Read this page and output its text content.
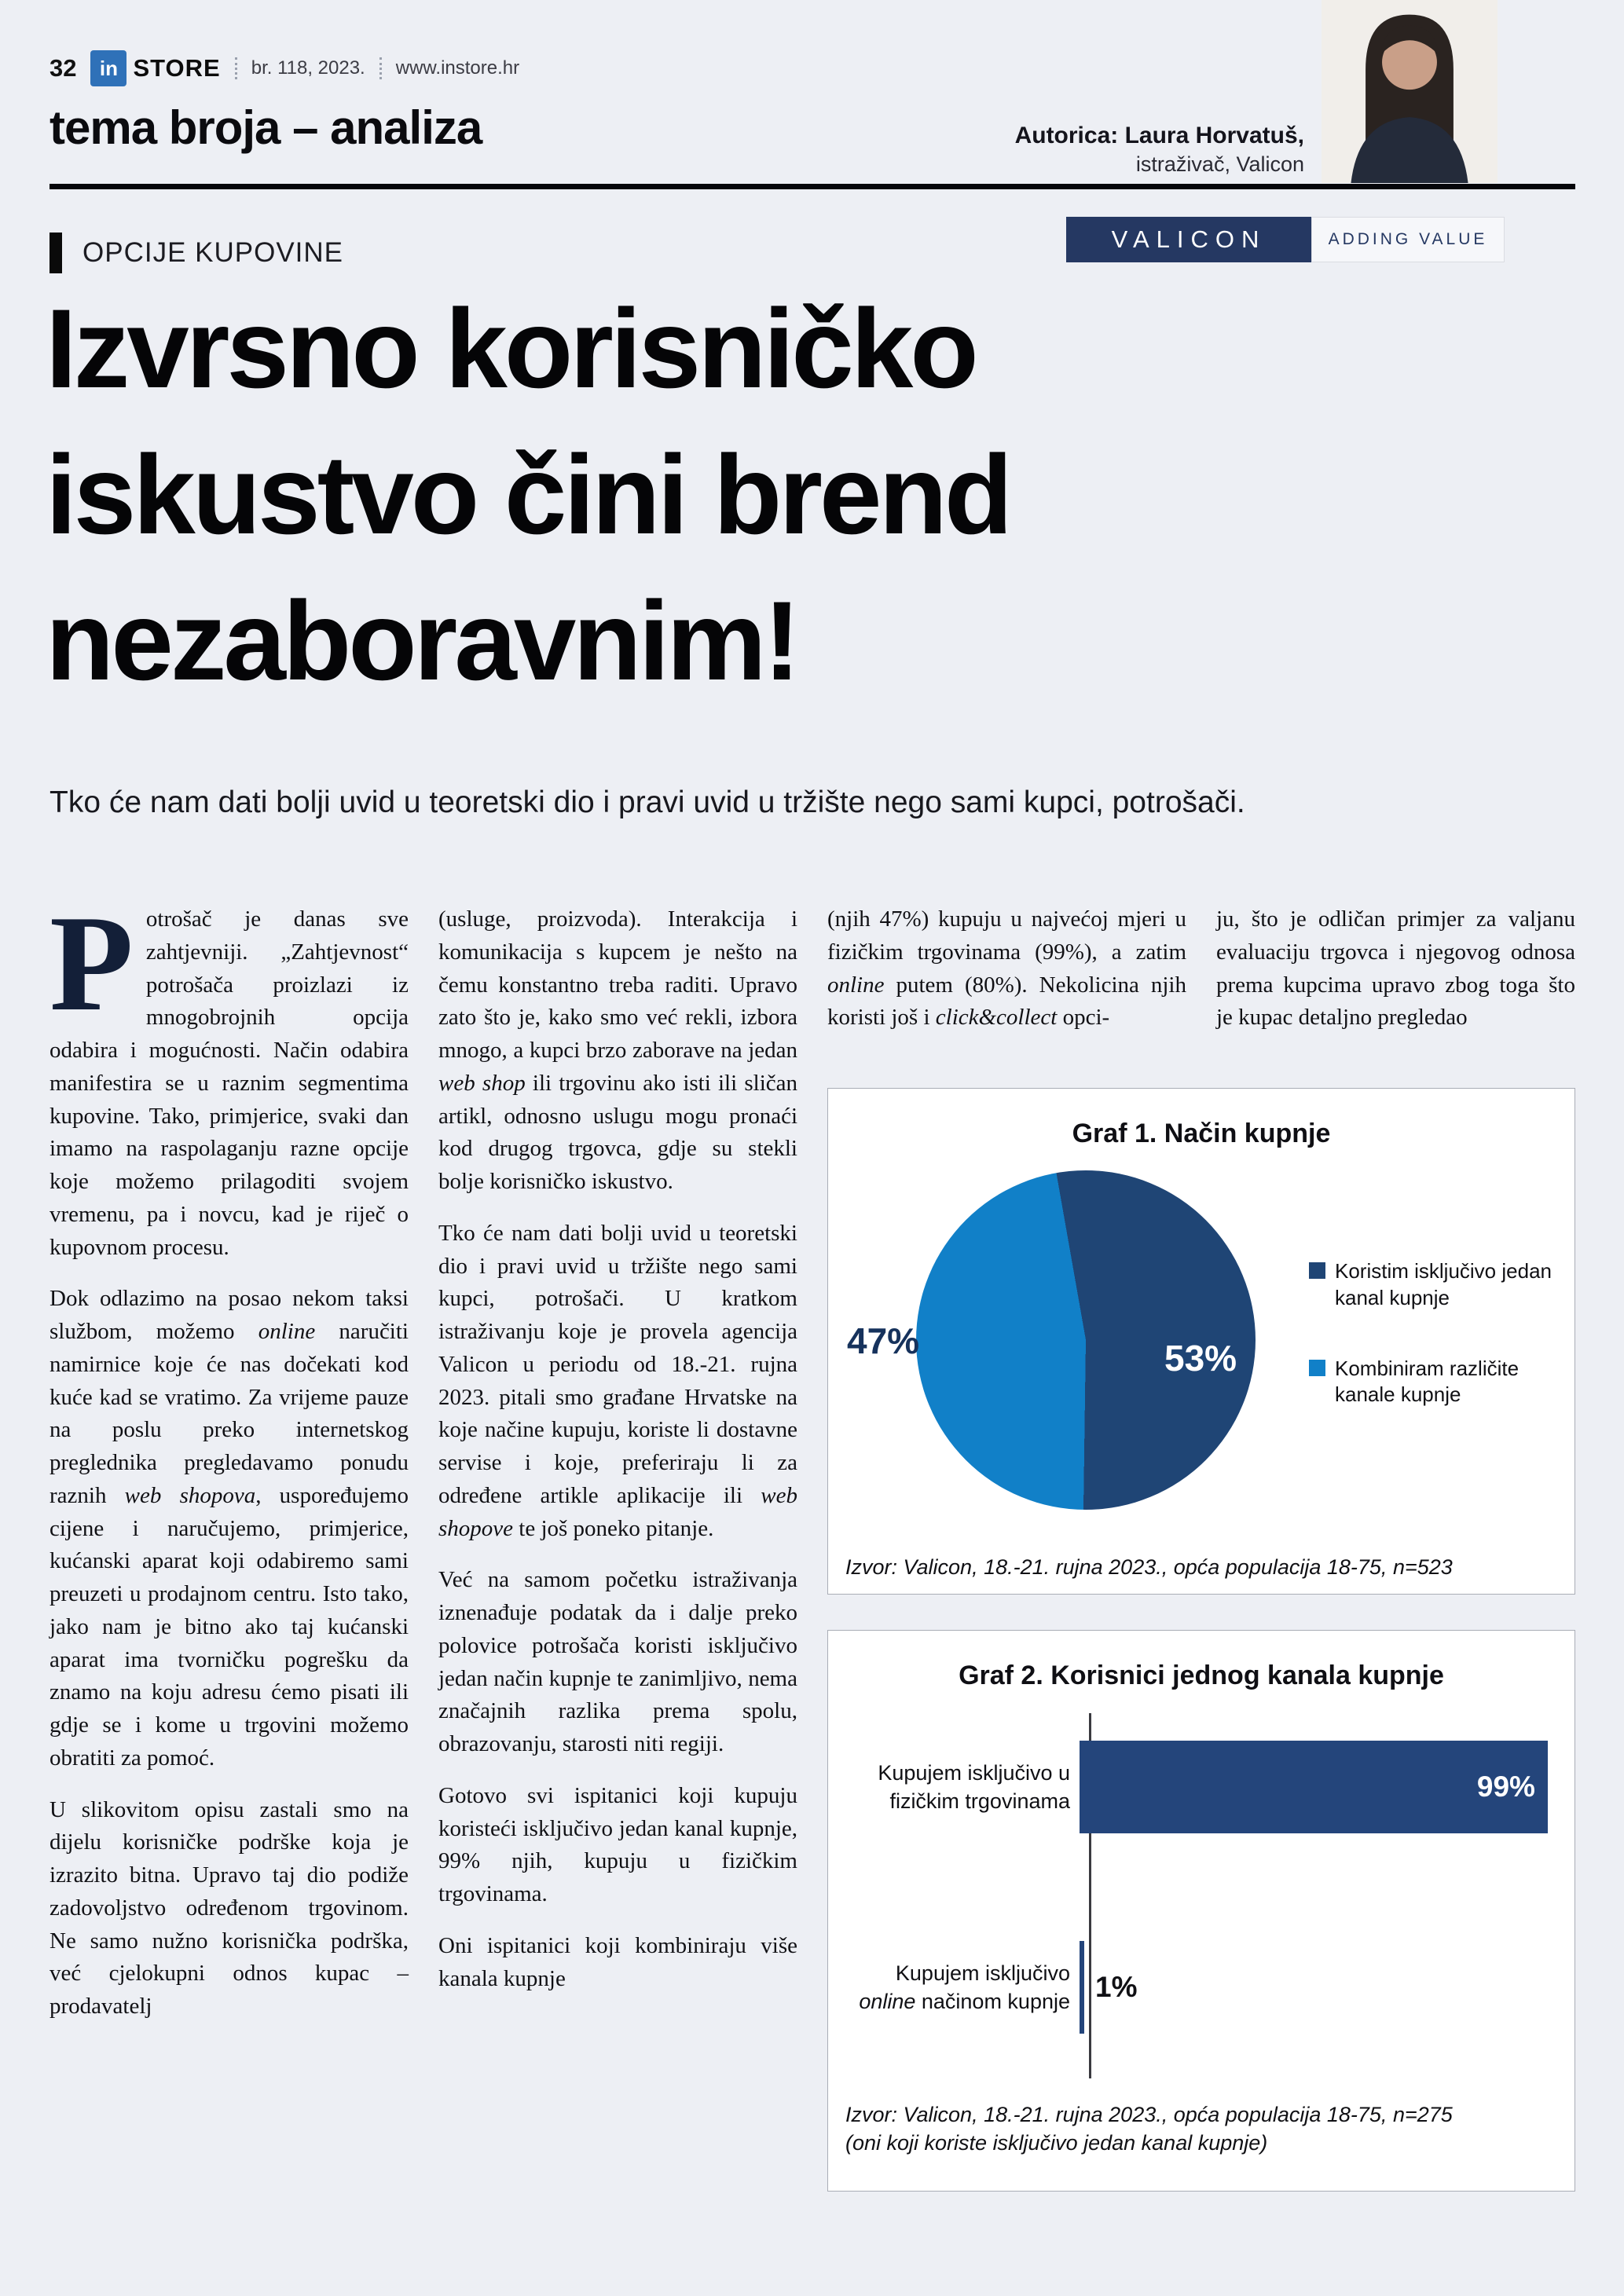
32	in STORE	br. 118, 2023.	www.instore.hr
tema broja – analiza	Autorica: Laura Horvatuš,
istraživač, Valicon
VALICON	ADDING VALUE
OPCIJE KUPOVINE
Izvrsno korisničko
iskustvo čini brend
nezaboravnim!

Tko će nam dati bolji uvid u teoretski dio i pravi uvid u tržište nego sami kupci, potrošači.

Potrošač je danas sve zahtjevniji. „Zahtjevnost“ potrošača proizlazi iz mnogobrojnih opcija odabira i mogućnosti. Način odabira manifestira se u raznim segmentima kupovine. Tako, primjerice, svaki dan imamo na raspolaganju razne opcije koje možemo prilagoditi svojem vremenu, pa i novcu, kad je riječ o kupovnom procesu.

Dok odlazimo na posao nekom taksi službom, možemo online naručiti namirnice koje će nas dočekati kod kuće kad se vratimo. Za vrijeme pauze na poslu preko internetskog preglednika pregledavamo ponudu raznih web shopova, uspoređujemo cijene i naručujemo, primjerice, kućanski aparat koji odabiremo sami preuzeti u prodajnom centru. Isto tako, jako nam je bitno ako taj kućanski aparat ima tvorničku pogrešku da znamo na koju adresu ćemo pisati ili gdje se i kome u trgovini možemo obratiti za pomoć.

U slikovitom opisu zastali smo na dijelu korisničke podrške koja je izrazito bitna. Upravo taj dio podiže zadovoljstvo određenom trgovinom. Ne samo nužno korisnička podrška, već cjelokupni odnos kupac – prodavatelj

(usluge, proizvoda). Interakcija i komunikacija s kupcem je nešto na čemu konstantno treba raditi. Upravo zato što je, kako smo već rekli, izbora mnogo, a kupci brzo zaborave na jedan web shop ili trgovinu ako isti ili sličan artikl, odnosno uslugu mogu pronaći kod drugog trgovca, gdje su stekli bolje korisničko iskustvo.

Tko će nam dati bolji uvid u teoretski dio i pravi uvid u tržište nego sami kupci, potrošači. U kratkom istraživanju koje je provela agencija Valicon u periodu od 18.-21. rujna 2023. pitali smo građane Hrvatske na koje načine kupuju, koriste li dostavne servise i koje, preferiraju li za određene artikle aplikacije ili web shopove te još poneko pitanje.

Već na samom početku istraživanja iznenađuje podatak da i dalje preko polovice potrošača koristi isključivo jedan način kupnje te zanimljivo, nema značajnih razlika prema spolu, obrazovanju, starosti niti regiji.

Gotovo svi ispitanici koji kupuju koristeći isključivo jedan kanal kupnje, 99% njih, kupuju u fizičkim trgovinama.

Oni ispitanici koji kombiniraju više kanala kupnje

(njih 47%) kupuju u najvećoj mjeri u fizičkim trgovinama (99%), a zatim online putem (80%). Nekolicina njih koristi još i click&collect opci-

ju, što je odličan primjer za valjanu evaluaciju trgovca i njegovog odnosa prema kupcima upravo zbog toga što je kupac detaljno pregledao

Graf 1. Način kupnje

53%
47%
Koristim isključivo jedan kanal kupnje
Kombiniram različite kanale kupnje
Izvor: Valicon, 18.-21. rujna 2023., opća populacija 18-75, n=523

Graf 2. Korisnici jednog kanala kupnje

Kupujem isključivo u fizičkim trgovinama	99%
Kupujem isključivo online načinom kupnje 1%
Izvor: Valicon, 18.-21. rujna 2023., opća populacija 18-75, n=275
(oni koji koriste isključivo jedan kanal kupnje)
